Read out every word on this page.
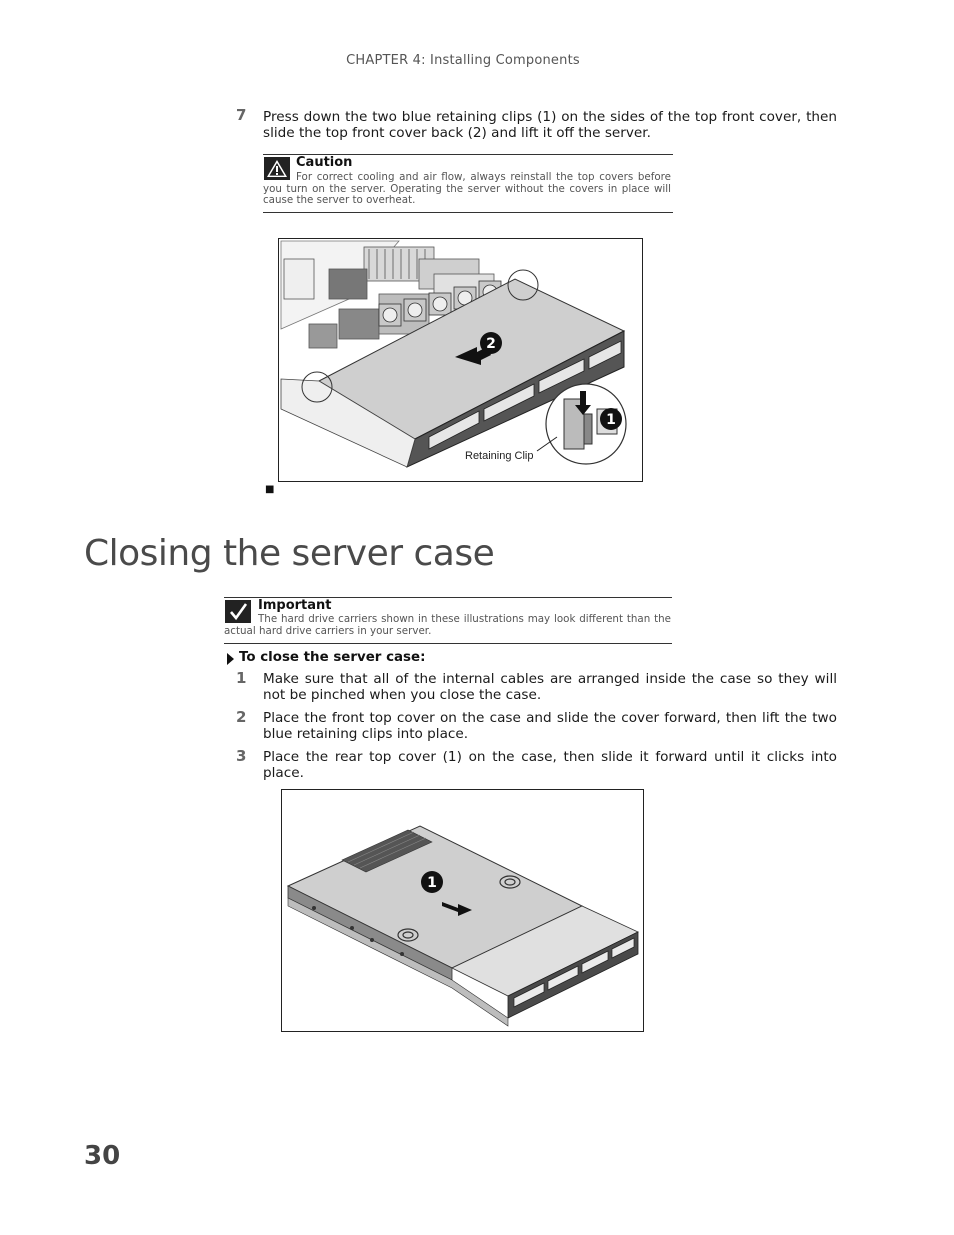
CHAPTER 4: Installing Components
7 Press down the two blue retaining clips (1) on the sides of the top front cover, then slide the top front cover back (2) and lift it off the server.
Caution
For correct cooling and air flow, always reinstall the top covers before you turn on the server. Operating the server without the covers in place will cause the server to overheat.
2
1
Retaining Clip
■
Closing the server case
Important
The hard drive carriers shown in these illustrations may look different than the actual hard drive carriers in your server.
To close the server case:
1 Make sure that all of the internal cables are arranged inside the case so they will not be pinched when you close the case.
2 Place the front top cover on the case and slide the cover forward, then lift the two blue retaining clips into place.
3 Place the rear top cover (1) on the case, then slide it forward until it clicks into place.
1
30
